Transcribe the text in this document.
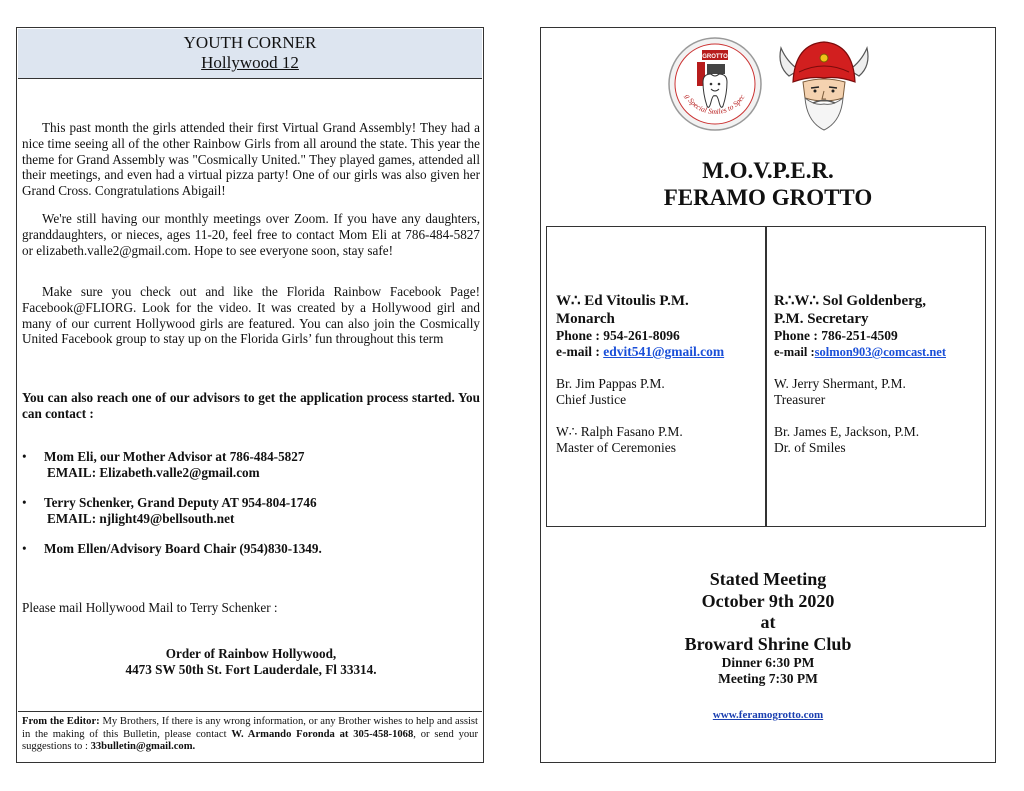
YOUTH CORNER
Hollywood 12
This past month the girls attended their first Virtual Grand Assembly! They had a nice time seeing all of the other Rainbow Girls from all around the state. This year the theme for Grand Assembly was "Cosmically United." They played games, attended all their meetings, and even had a virtual pizza party! One of our girls was also given her Grand Cross. Congratulations Abigail!
We're still having our monthly meetings over Zoom. If you have any daughters, granddaughters, or nieces, ages 11-20, feel free to contact Mom Eli at 786-484-5827 or elizabeth.valle2@gmail.com. Hope to see everyone soon, stay safe!
Make sure you check out and like the Florida Rainbow Facebook Page! Facebook@FLIORG. Look for the video. It was created by a Hollywood girl and many of our current Hollywood girls are featured. You can also join the Cosmically United Facebook group to stay up on the Florida Girls’ fun throughout this term
You can also reach one of our advisors to get the application process started. You can contact :
• Mom Eli, our Mother Advisor at 786-484-5827
EMAIL: Elizabeth.valle2@gmail.com
• Terry Schenker, Grand Deputy AT 954-804-1746
EMAIL: njlight49@bellsouth.net
• Mom Ellen/Advisory Board Chair (954)830-1349.
Please mail Hollywood Mail to Terry Schenker :
Order of Rainbow Hollywood,
4473 SW 50th St. Fort Lauderdale, Fl 33314.
From the Editor: My Brothers, If there is any wrong information, or any Brother wishes to help and assist in the making of this Bulletin, please contact W. Armando Foronda at 305-458-1068, or send your suggestions to : 33bulletin@gmail.com.
GROTTO
g Special Smiles to Spec
M.O.V.P.E.R.
FERAMO GROTTO
W∴ Ed Vitoulis P.M.
Monarch
Phone : 954-261-8096
e-mail : edvit541@gmail.com
Br. Jim Pappas P.M.
Chief Justice
W∴ Ralph Fasano P.M.
Master of Ceremonies
R∴W∴ Sol Goldenberg,
P.M. Secretary
Phone : 786-251-4509
e-mail :solmon903@comcast.net
W. Jerry Shermant, P.M.
Treasurer
Br. James E, Jackson, P.M.
Dr. of Smiles
Stated Meeting
October 9th 2020
at
Broward Shrine Club
Dinner 6:30 PM
Meeting 7:30 PM
www.feramogrotto.com
